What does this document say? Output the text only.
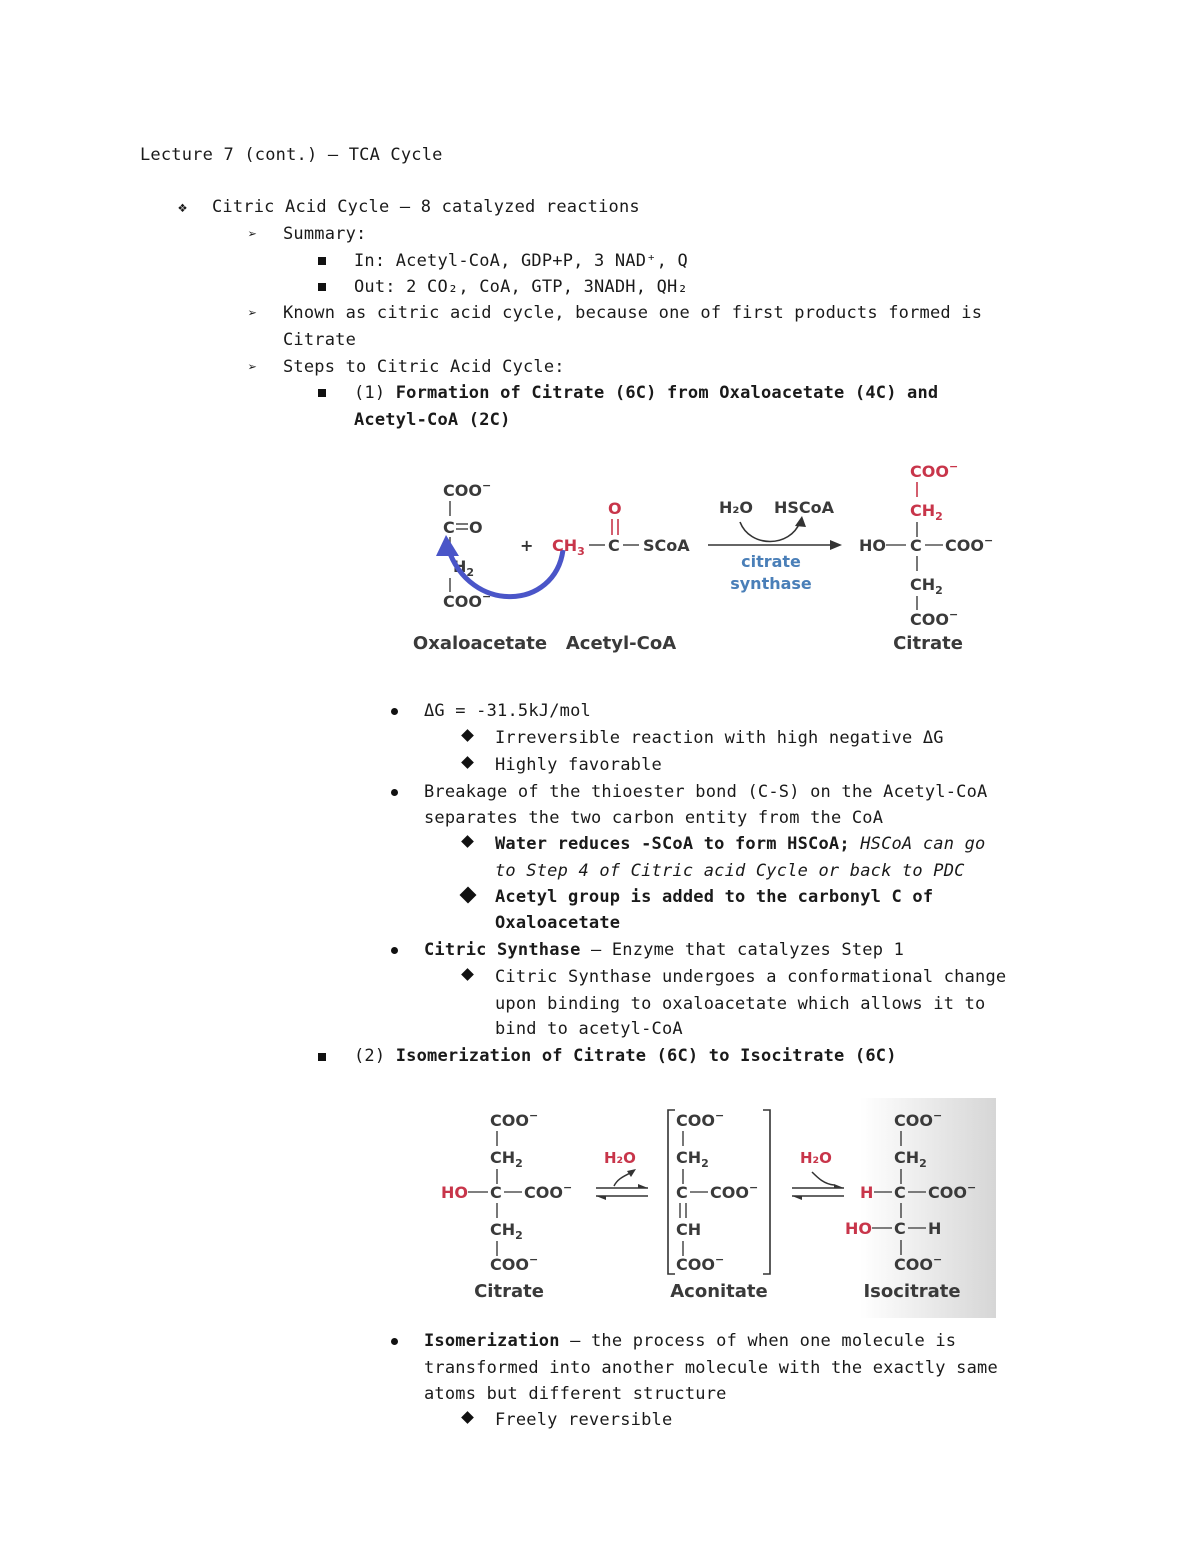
Lecture 7 (cont.) – TCA Cycle
❖ Citric Acid Cycle – 8 catalyzed reactions
➢ Summary:
In: Acetyl-CoA, GDP+P, 3 NAD⁺, Q
Out: 2 CO₂, CoA, GTP, 3NADH, QH₂
➢ Known as citric acid cycle, because one of first products formed is
Citrate
➢ Steps to Citric Acid Cycle:
(1) Formation of Citrate (6C) from Oxaloacetate (4C) and
Acetyl-CoA (2C)
COO−
C O
$H_2$
COO−
+ $CH_3$ C
O
SCoA
COO−
$CH_2$
HO C COO−
$CH_2$
COO−
H₂O HSCoA
citrate
synthase
Oxaloacetate Acetyl-CoA	Citrate
ΔG = -31.5kJ/mol
Irreversible reaction with high negative ΔG
Highly favorable
Breakage of the thioester bond (C-S) on the Acetyl-CoA
separates the two carbon entity from the CoA
Water reduces -SCoA to form HSCoA; HSCoA can go
to Step 4 of Citric acid Cycle or back to PDC
Acetyl group is added to the carbonyl C of
Oxaloacetate
Citric Synthase – Enzyme that catalyzes Step 1
Citric Synthase undergoes a conformational change
upon binding to oxaloacetate which allows it to
bind to acetyl-CoA
(2) Isomerization of Citrate (6C) to Isocitrate (6C)
COO−
$CH_2$
HO C COO−
$CH_2$
COO−
COO−
$CH_2$
C COO−
CH
COO−
COO−
$CH_2$
H C COO−
HO C H
COO−
H₂O	H₂O
Citrate	Aconitate	Isocitrate
Isomerization – the process of when one molecule is
transformed into another molecule with the exactly same
atoms but different structure
Freely reversible
